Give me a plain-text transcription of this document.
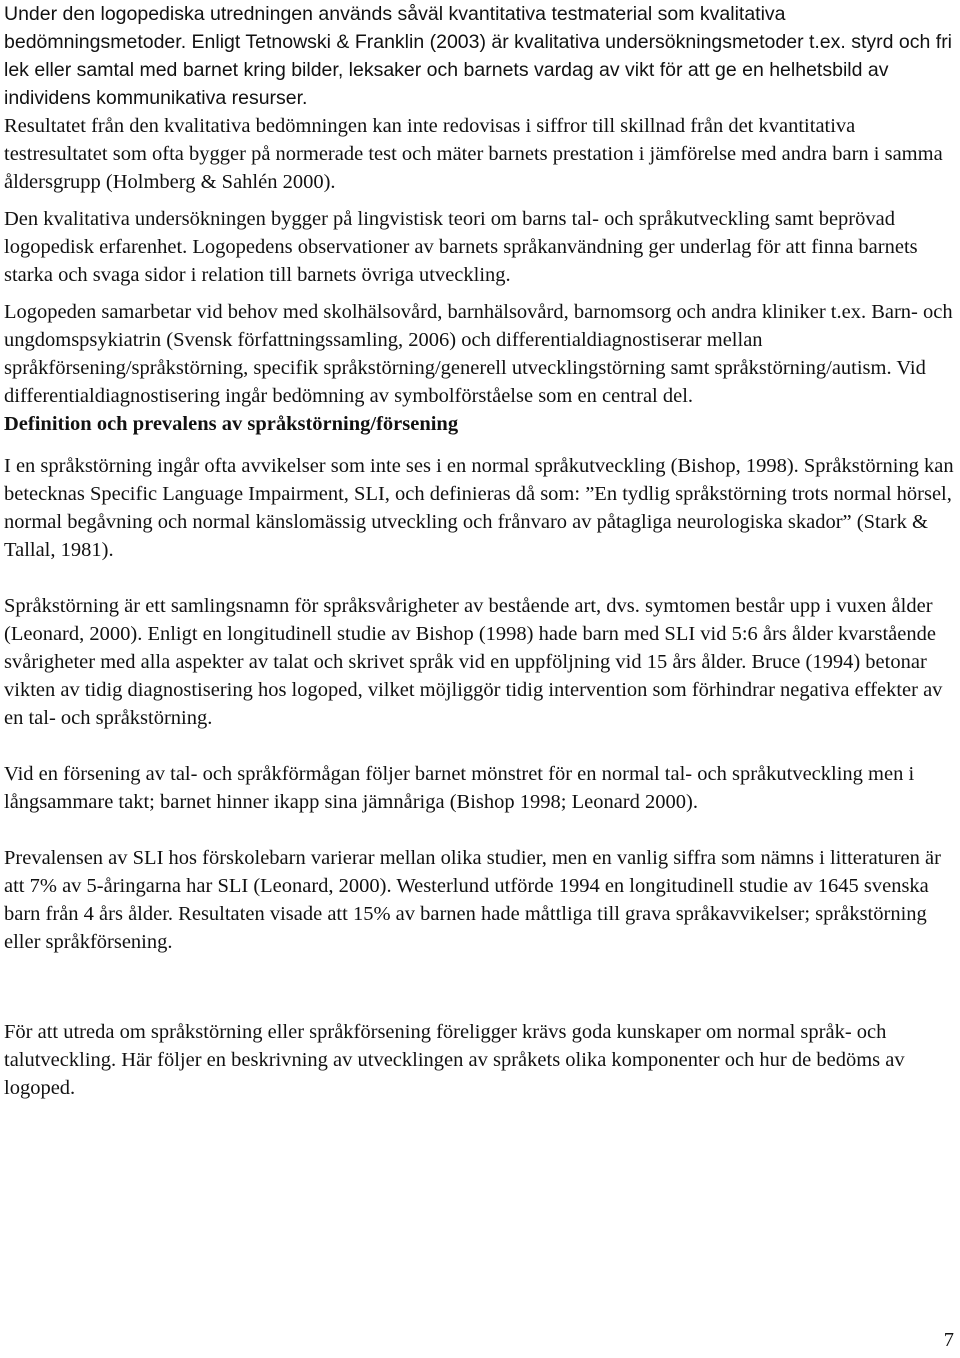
Under den logopediska utredningen används såväl kvantitativa testmaterial som kvalitativa bedömningsmetoder. Enligt Tetnowski & Franklin (2003) är kvalitativa undersökningsmetoder t.ex. styrd och fri lek eller samtal med barnet kring bilder, leksaker och barnets vardag av vikt för att ge en helhetsbild av individens kommunikativa resurser.

Resultatet från den kvalitativa bedömningen kan inte redovisas i siffror till skillnad från det kvantitativa testresultatet som ofta bygger på normerade test och mäter barnets prestation i jämförelse med andra barn i samma åldersgrupp (Holmberg & Sahlén 2000).

Den kvalitativa undersökningen bygger på lingvistisk teori om barns tal- och språkutveckling samt beprövad logopedisk erfarenhet. Logopedens observationer av barnets språkanvändning ger underlag för att finna barnets starka och svaga sidor i relation till barnets övriga utveckling.

Logopeden samarbetar vid behov med skolhälsovård, barnhälsovård, barnomsorg och andra kliniker t.ex. Barn- och ungdomspsykiatrin (Svensk författningssamling, 2006) och differentialdiagnostiserar mellan språkförsening/språkstörning, specifik språkstörning/generell utvecklingstörning samt språkstörning/autism. Vid differentialdiagnostisering ingår bedömning av symbolförståelse som en central del.

Definition och prevalens av språkstörning/försening

I en språkstörning ingår ofta avvikelser som inte ses i en normal språkutveckling (Bishop, 1998). Språkstörning kan betecknas Specific Language Impairment, SLI, och definieras då som: ”En tydlig språkstörning trots normal hörsel, normal begåvning och normal känslomässig utveckling och frånvaro av påtagliga neurologiska skador” (Stark & Tallal, 1981).

Språkstörning är ett samlingsnamn för språksvårigheter av bestående art, dvs. symtomen består upp i vuxen ålder (Leonard, 2000). Enligt en longitudinell studie av Bishop (1998) hade barn med SLI vid 5:6 års ålder kvarstående svårigheter med alla aspekter av talat och skrivet språk vid en uppföljning vid 15 års ålder. Bruce (1994) betonar vikten av tidig diagnostisering hos logoped, vilket möjliggör tidig intervention som förhindrar negativa effekter av en tal- och språkstörning.

Vid en försening av tal- och språkförmågan följer barnet mönstret för en normal tal- och språkutveckling men i långsammare takt; barnet hinner ikapp sina jämnåriga (Bishop 1998; Leonard 2000).

Prevalensen av SLI hos förskolebarn varierar mellan olika studier, men en vanlig siffra som nämns i litteraturen är att 7% av 5-åringarna har SLI (Leonard, 2000). Westerlund utförde 1994 en longitudinell studie av 1645 svenska barn från 4 års ålder. Resultaten visade att 15% av barnen hade måttliga till grava språkavvikelser; språkstörning eller språkförsening.

För att utreda om språkstörning eller språkförsening föreligger krävs goda kunskaper om normal språk- och talutveckling. Här följer en beskrivning av utvecklingen av språkets olika komponenter och hur de bedöms av logoped.

7
